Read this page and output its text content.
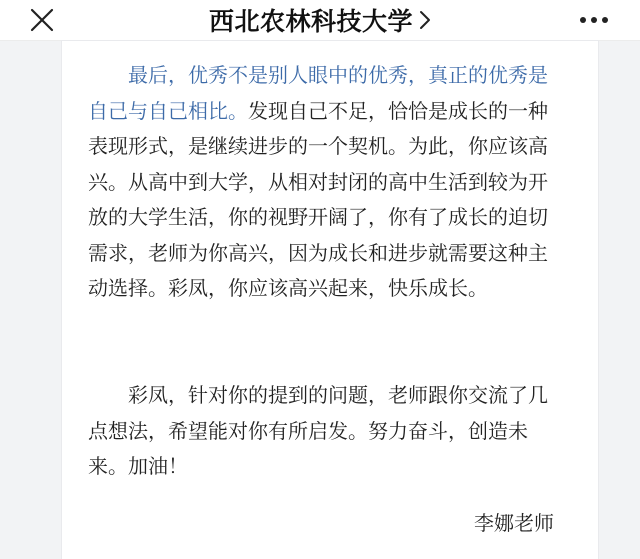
西北农林科技大学

最后，优秀不是别人眼中的优秀，真正的优秀是自己与自己相比。发现自己不足，恰恰是成长的一种表现形式，是继续进步的一个契机。为此，你应该高兴。从高中到大学，从相对封闭的高中生活到较为开放的大学生活，你的视野开阔了，你有了成长的迫切需求，老师为你高兴，因为成长和进步就需要这种主动选择。彩凤，你应该高兴起来，快乐成长。

彩凤，针对你的提到的问题，老师跟你交流了几点想法，希望能对你有所启发。努力奋斗，创造未来。加油！

李娜老师
